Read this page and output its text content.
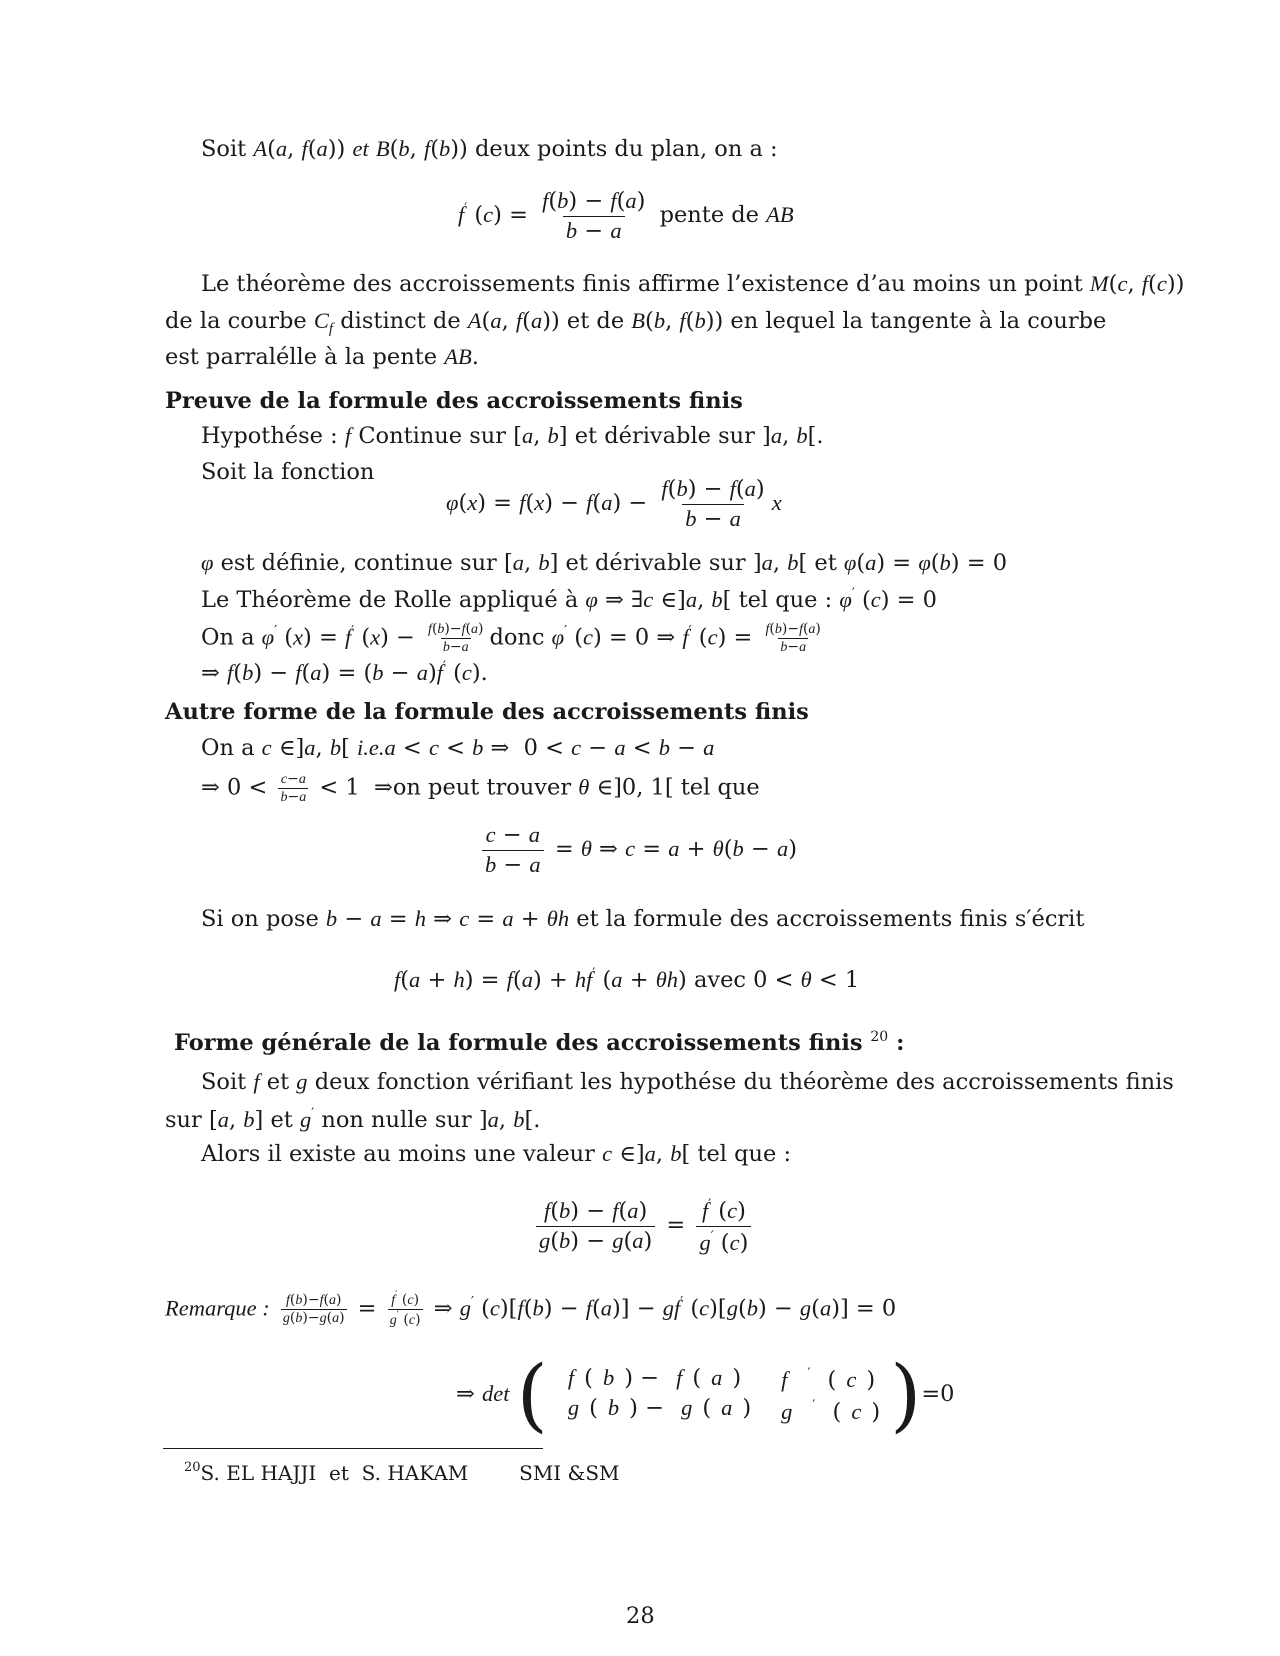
Soit A(a, f(a)) et B(b, f(b)) deux points du plan, on a :
f′ $(c) = \frac{f(b) - f(a)}{b - a}$ pente de AB
Le théorème des accroissements finis affirme l’existence d’au moins un point M(c, f(c))
de la courbe $C_f$ distinct de A(a, f(a)) et de B(b, f(b)) en lequel la tangente à la courbe
est parralélle à la pente AB.
Preuve de la formule des accroissements finis
Hypothése : f Continue sur [a, b] et dérivable sur ]a, b[.
Soit la fonction
$\varphi(x) = f(x) - f(a) - \frac{f(b) - f(a)}{b - a}$ x
φ est définie, continue sur [a, b] et dérivable sur ]a, b[ et φ(a) = φ(b) = 0
Le Théorème de Rolle appliqué à φ ⇒ ∃c ∈]a, b[ tel que : φ′ (c) = 0
On a φ′ (x) = f′ $(x) - \frac{f(b)-f(a)}{b-a}$ donc φ′ (c) = 0 ⇒ f′ $(c) = \frac{f(b)-f(a)}{b-a}$
⇒ f(b) − f(a) = (b − a)f′ (c).
Autre forme de la formule des accroissements finis
On a c ∈]a, b[ i.e.a < c < b ⇒  0 < c − a < b − a
⇒ $0 < \frac{c-a}{b-a} < 1$  ⇒on peut trouver θ ∈]0, 1[ tel que
$\frac{c - a}{b - a} = \theta$ ⇒ c = a + θ(b − a)
Si on pose b − a = h ⇒ c = a + θh et la formule des accroissements finis s′écrit
f(a + h) = f(a) + hf′ (a + θh) avec 0 < θ < 1
Forme générale de la formule des accroissements finis $^{20}$ :
Soit f et g deux fonction vérifiant les hypothése du théorème des accroissements finis
sur [a, b] et g′ non nulle sur ]a, b[.
Alors il existe au moins une valeur c ∈]a, b[ tel que :
$\frac{f(b) - f(a)}{g(b) - g(a)} = \frac{f' (c)}{g' (c)}$
Remarque : $\frac{f(b)-f(a)}{g(b)-g(a)} = \frac{f' (c)}{g' (c)}$ ⇒ g′ (c)[f(b) − f(a)] − gf′ (c)[g(b) − g(a)] = 0
⇒ det ( f ( b ) − f ( a )
g ( b ) − g ( a )
f ′ ( c )
g ′ ( c ) )=0
$^{20}$S. EL HAJJI  et  S. HAKAM        SMI &SM
28
